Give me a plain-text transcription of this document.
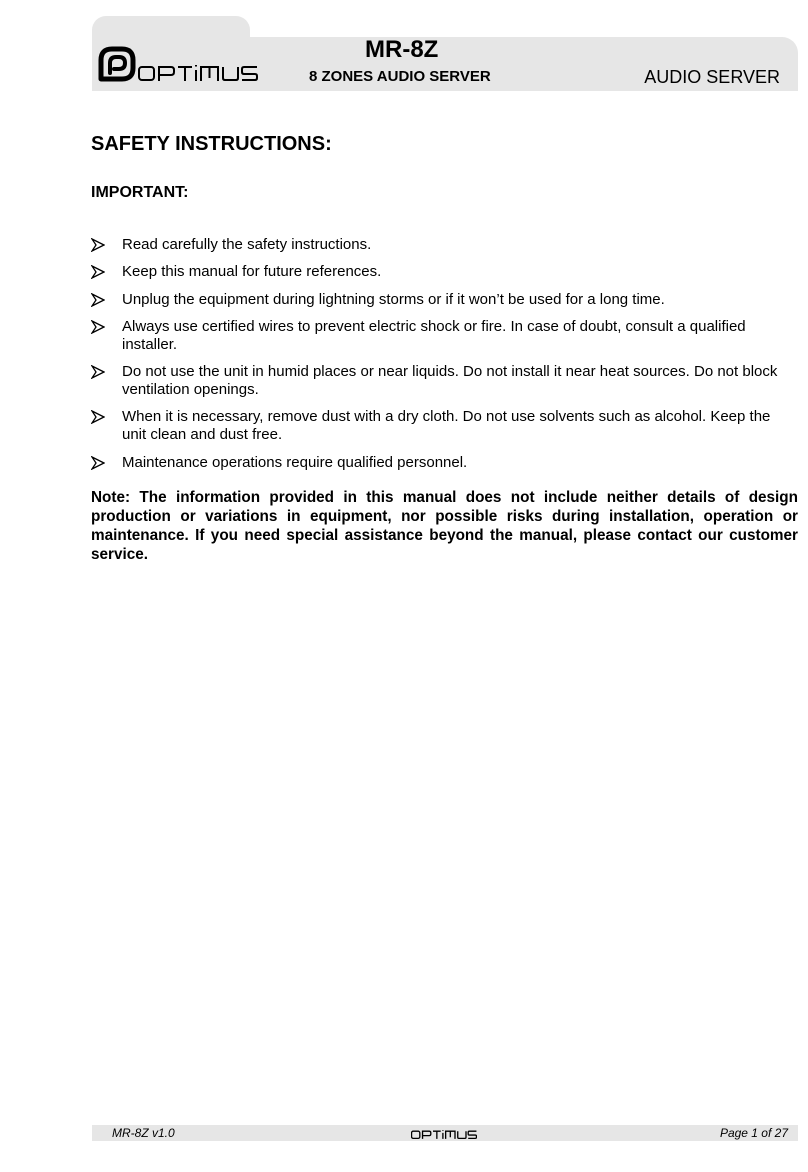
MR-8Z
8 ZONES AUDIO SERVER	AUDIO SERVER
SAFETY INSTRUCTIONS:
IMPORTANT:
Read carefully the safety instructions.
Keep this manual for future references.
Unplug the equipment during lightning storms or if it won’t be used for a long time.
Always use certified wires to prevent electric shock or fire. In case of doubt, consult a qualified installer.
Do not use the unit in humid places or near liquids. Do not install it near heat sources. Do not block ventilation openings.
When it is necessary, remove dust with a dry cloth. Do not use solvents such as alcohol. Keep the unit clean and dust free.
Maintenance operations require qualified personnel.

Note: The information provided in this manual does not include neither details of design production or variations in equipment, nor possible risks during installation, operation or maintenance. If you need special assistance beyond the manual, please contact our customer service.

MR-8Z v1.0	Page 1 of 27
